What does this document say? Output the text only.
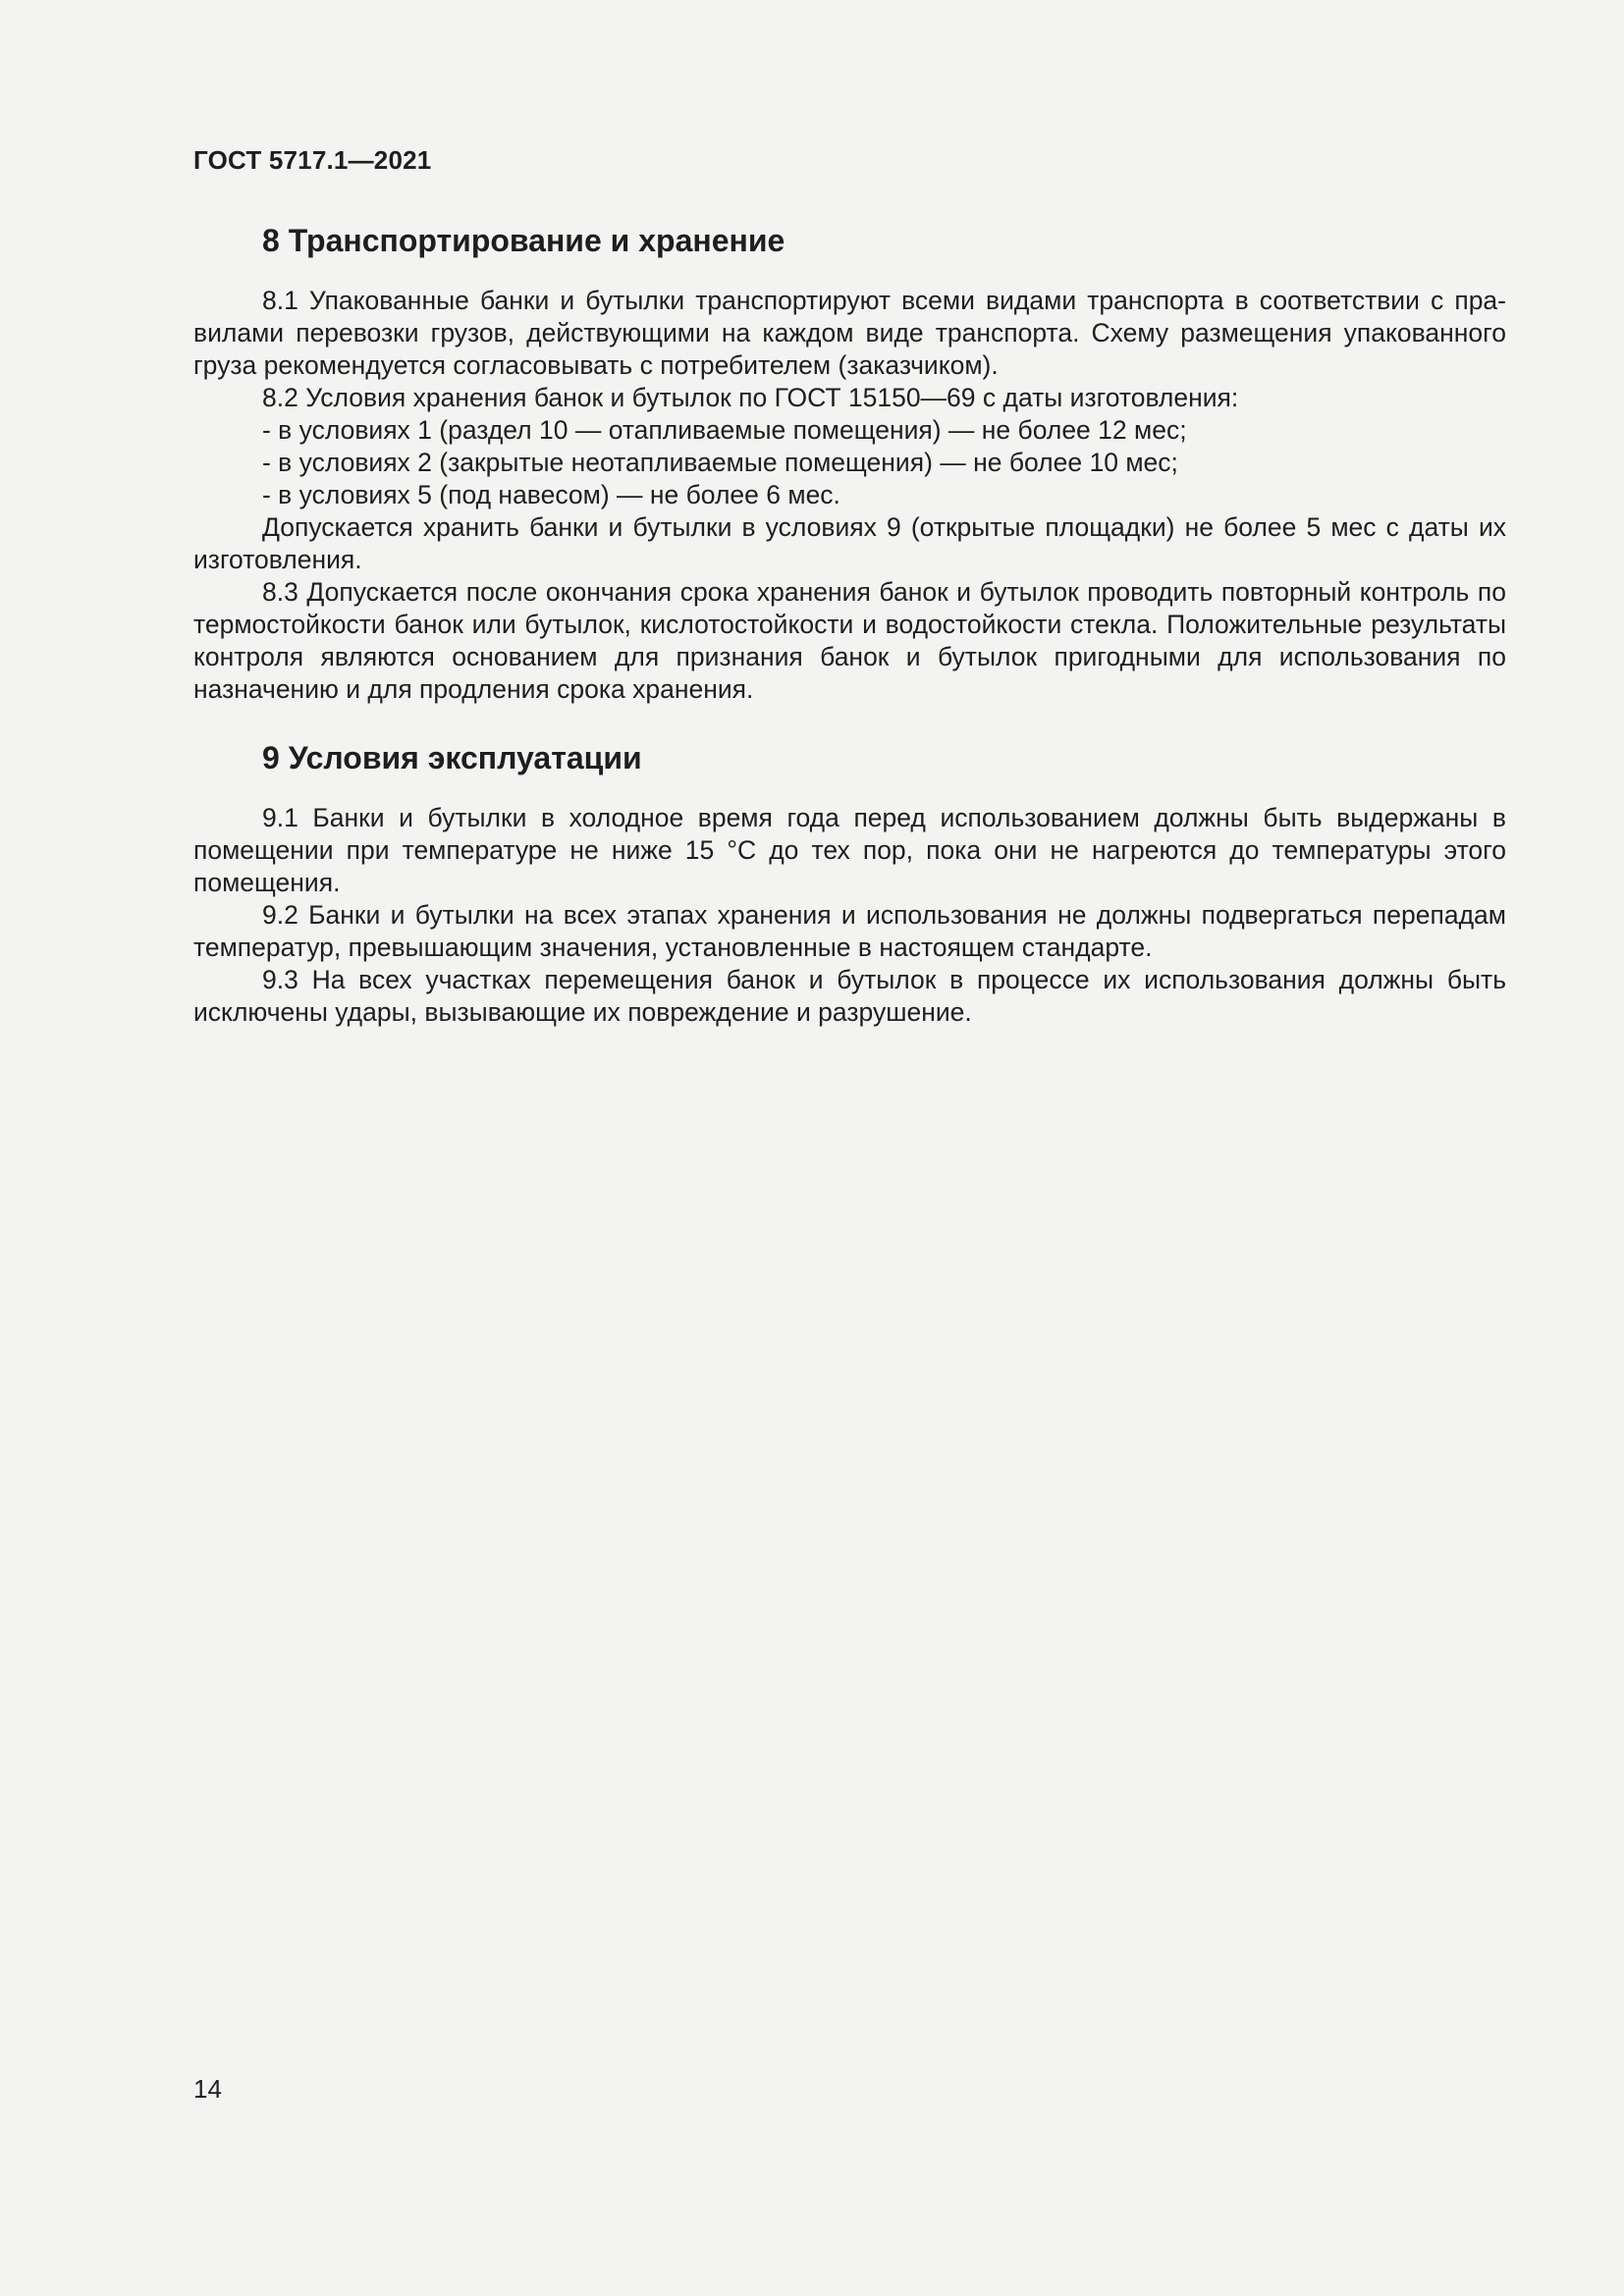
ГОСТ 5717.1—2021
8 Транспортирование и хранение

8.1 Упакованные банки и бутылки транспортируют всеми видами транспорта в соответствии с правилами перевозки грузов, действующими на каждом виде транспорта. Схему размещения упакованного груза рекомендуется согласовывать с потребителем (заказчиком).

8.2 Условия хранения банок и бутылок по ГОСТ 15150—69 с даты изготовления:

- в условиях 1 (раздел 10 — отапливаемые помещения) — не более 12 мес;

- в условиях 2 (закрытые неотапливаемые помещения) — не более 10 мес;

- в условиях 5 (под навесом) — не более 6 мес.

Допускается хранить банки и бутылки в условиях 9 (открытые площадки) не более 5 мес с даты их изготовления.

8.3 Допускается после окончания срока хранения банок и бутылок проводить повторный контроль по термостойкости банок или бутылок, кислотостойкости и водостойкости стекла. Положительные результаты контроля являются основанием для признания банок и бутылок пригодными для использования по назначению и для продления срока хранения.

9 Условия эксплуатации

9.1 Банки и бутылки в холодное время года перед использованием должны быть выдержаны в помещении при температуре не ниже 15 °С до тех пор, пока они не нагреются до температуры этого помещения.

9.2 Банки и бутылки на всех этапах хранения и использования не должны подвергаться перепадам температур, превышающим значения, установленные в настоящем стандарте.

9.3 На всех участках перемещения банок и бутылок в процессе их использования должны быть исключены удары, вызывающие их повреждение и разрушение.

14
